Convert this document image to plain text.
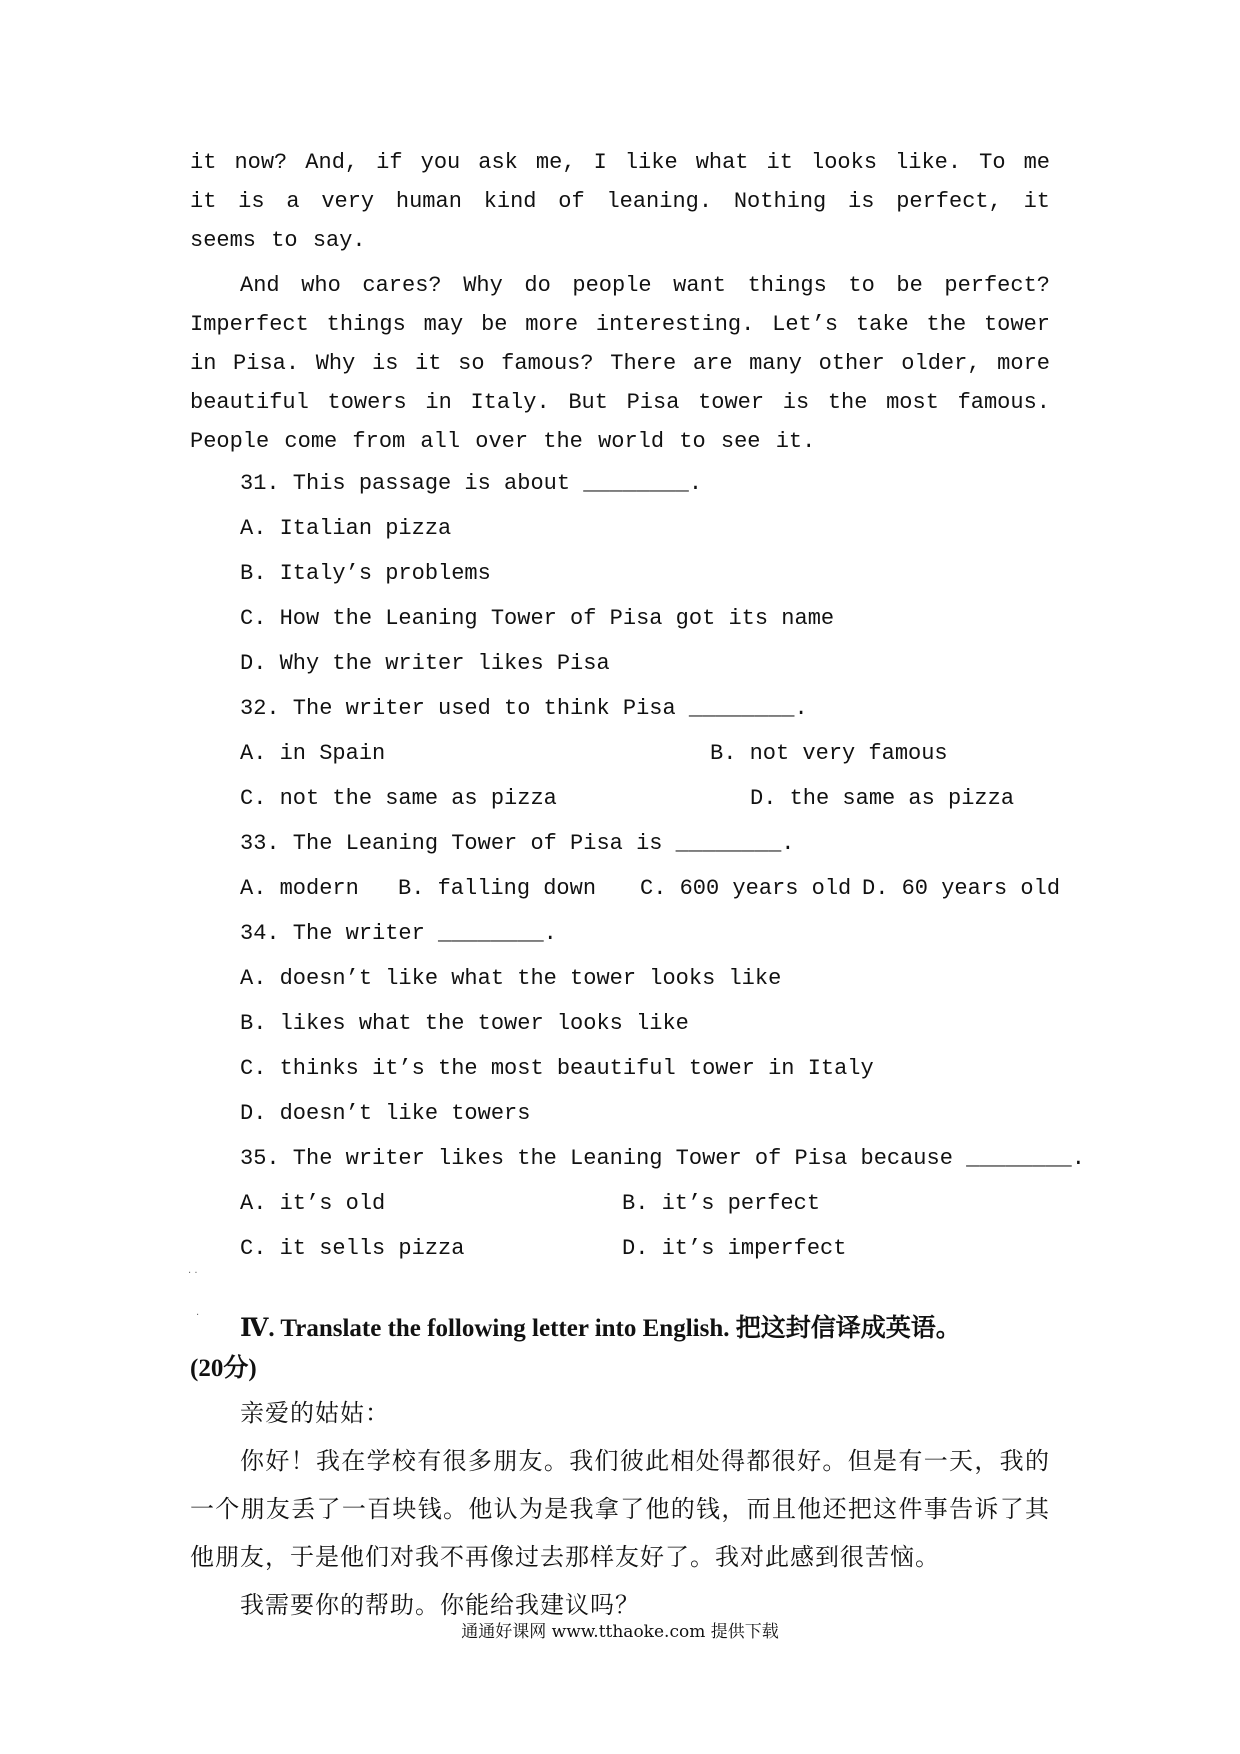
it now? And, if you ask me, I like what it looks like. To me it is a very human kind of leaning. Nothing is perfect, it seems to say.

And who cares? Why do people want things to be perfect? Imperfect things may be more interesting. Let’s take the tower in Pisa. Why is it so famous? There are many other older, more beautiful towers in Italy. But Pisa tower is the most famous. People come from all over the world to see it.

31. This passage is about ________.
A. Italian pizza
B. Italy’s problems
C. How the Leaning Tower of Pisa got its name
D. Why the writer likes Pisa
32. The writer used to think Pisa ________.

A. in Spain

	B. not very famous

C. not the same as pizza

	D. the same as pizza

33. The Leaning Tower of Pisa is ________.

A. modern

B. falling down

C. 600 years old

D. 60 years old

34. The writer ________.
A. doesn’t like what the tower looks like
B. likes what the tower looks like
C. thinks it’s the most beautiful tower in Italy
D. doesn’t like towers
35. The writer likes the Leaning Tower of Pisa because ________.

A. it’s old

	B. it’s perfect

C. it sells pizza

	D. it’s imperfect

Ⅳ. Translate the following letter into English. 把这封信译成英语。

(20分)

亲爱的姑姑：

你好！我在学校有很多朋友。我们彼此相处得都很好。但是有一天，我的一个朋友丢了一百块钱。他认为是我拿了他的钱，而且他还把这件事告诉了其他朋友，于是他们对我不再像过去那样友好了。我对此感到很苦恼。

我需要你的帮助。你能给我建议吗？

· ·
·
通通好课网 www.tthaoke.com 提供下载
